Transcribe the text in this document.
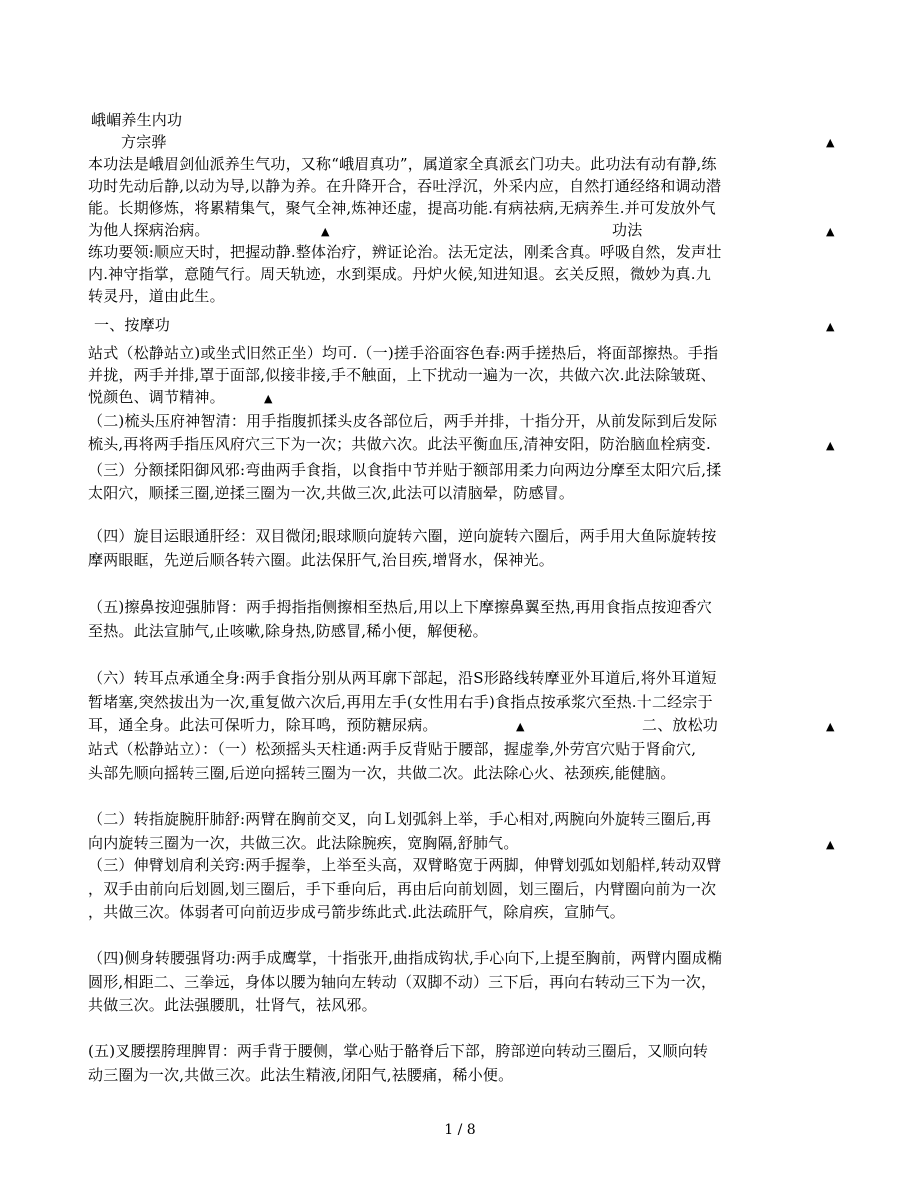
峨嵋养生内功
方宗骅	▲
本功法是峨眉剑仙派养生气功，又称“峨眉真功”，属道家全真派玄门功夫。此功法有动有静,练
功时先动后静,以动为导,以静为养。在升降开合，吞吐浮沉，外采内应，自然打通经络和调动潜
能。长期修炼，将累精集气，聚气全神,炼神还虚，提高功能.有病祛病,无病养生.并可发放外气
为他人探病治病。	▲	功法	▲
练功要领:顺应天时，把握动静.整体治疗，辨证论治。法无定法，刚柔含真。呼吸自然，发声壮
内.神守指掌，意随气行。周天轨迹，水到渠成。丹炉火候,知进知退。玄关反照，微妙为真.九
转灵丹，道由此生。
一、按摩功	▲
站式（松静站立)或坐式旧然正坐）均可.（一)搓手浴面容色春:两手搓热后，将面部擦热。手指
并拢，两手并排,罩于面部,似接非接,手不触面，上下扰动一遍为一次，共做六次.此法除皱斑、
悦颜色、调节精神。	▲
（二)梳头压府神智清：用手指腹抓揉头皮各部位后，两手并排，十指分开，从前发际到后发际
梳头,再将两手指压风府穴三下为一次；共做六次。此法平衡血压,清神安阳，防治脑血栓病变.	▲
（三）分额揉阳御风邪:弯曲两手食指，以食指中节并贴于额部用柔力向两边分摩至太阳穴后,揉
太阳穴，顺揉三圈,逆揉三圈为一次,共做三次,此法可以清脑晕，防感冒。
（四）旋目运眼通肝经：双目微闭;眼球顺向旋转六圈，逆向旋转六圈后，两手用大鱼际旋转按
摩两眼眶，先逆后顺各转六圈。此法保肝气,治目疾,增肾水，保神光。
（五)擦鼻按迎强肺肾：两手拇指指侧擦相至热后,用以上下摩擦鼻翼至热,再用食指点按迎香穴
至热。此法宣肺气,止咳嗽,除身热,防感冒,稀小便，解便秘。
（六）转耳点承通全身:两手食指分别从两耳廓下部起，沿S形路线转摩亚外耳道后,将外耳道短
暂堵塞,突然拔出为一次,重复做六次后,再用左手(女性用右手)食指点按承浆穴至热.十二经宗于
耳，通全身。此法可保听力，除耳鸣，预防糖尿病。	▲	二、放松功	▲
站式（松静站立）：（一）松颈摇头天柱通:两手反背贴于腰部，握虚拳,外劳宫穴贴于肾俞穴,
头部先顺向摇转三圈,后逆向摇转三圈为一次，共做二次。此法除心火、祛颈疾,能健脑。
（二）转指旋腕肝肺舒:两臂在胸前交叉，向Ｌ划弧斜上举，手心相对,两腕向外旋转三圈后,再
向内旋转三圈为一次，共做三次。此法除腕疾，宽胸隔,舒肺气。	▲
（三）伸臂划肩利关窍:两手握拳，上举至头高，双臂略宽于两脚，伸臂划弧如划船样,转动双臂
，双手由前向后划圆,划三圈后，手下垂向后，再由后向前划圆，划三圈后，内臂圈向前为一次
，共做三次。体弱者可向前迈步成弓箭步练此式.此法疏肝气，除肩疾，宣肺气。
（四)侧身转腰强肾功:两手成鹰掌，十指张开,曲指成钩状,手心向下,上提至胸前，两臂内圈成椭
圆形,相距二、三拳远，身体以腰为轴向左转动（双脚不动）三下后，再向右转动三下为一次，
共做三次。此法强腰肌，壮肾气，祛风邪。
(五)叉腰摆胯理脾胃：两手背于腰侧，掌心贴于骼脊后下部，胯部逆向转动三圈后，又顺向转
动三圈为一次,共做三次。此法生精液,闭阳气,祛腰痛，稀小便。
1 / 8
